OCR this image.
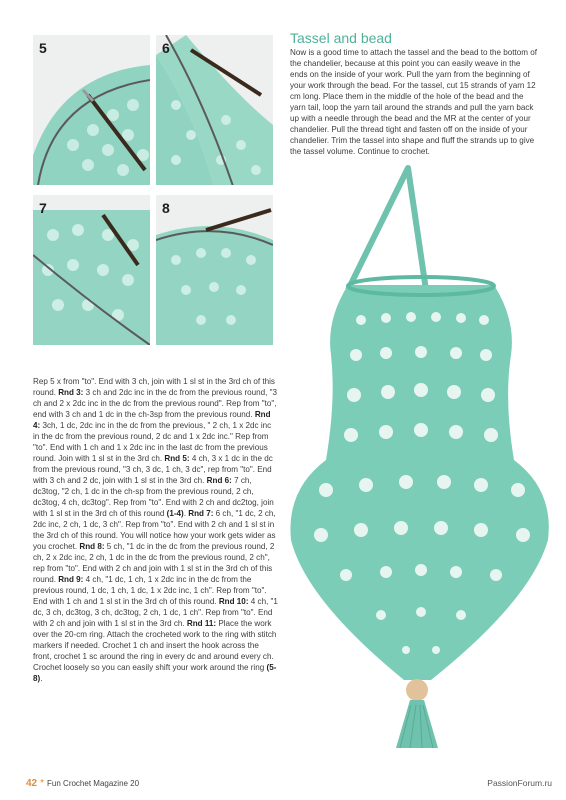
5	6
7	8
Tassel and bead
Now is a good time to attach the tassel and the bead to the bottom of the chandelier, because at this point you can easily weave in the ends on the inside of your work. Pull the yarn from the beginning of your work through the bead. For the tassel, cut 15 strands of yarn 12 cm long. Place them in the middle of the hole of the bead and the yarn tail, loop the yarn tail around the strands and pull the yarn back up with a needle through the bead and the MR at the center of your chandelier. Pull the thread tight and fasten off on the inside of your chandelier. Trim the tassel into shape and fluff the strands up to give the tassel volume. Continue to crochet.
Rep 5 x from "to". End with 3 ch, join with 1 sl st in the 3rd ch of this round. Rnd 3: 3 ch and 2dc inc in the dc from the previous round, "3 ch and 2 x 2dc inc in the dc from the previous round". Rep from "to", end with 3 ch and 1 dc in the ch-3sp from the previous round. Rnd 4: 3ch, 1 dc, 2dc inc in the dc from the previous, " 2 ch, 1 x 2dc inc in the dc from the previous round, 2 dc and 1 x 2dc inc." Rep from "to". End with 1 ch and 1 x 2dc inc in the last dc from the previous round. Join with 1 sl st in the 3rd ch. Rnd 5: 4 ch, 3 x 1 dc in the dc from the previous round, "3 ch, 3 dc, 1 ch, 3 dc", rep from "to". End with 3 ch and 2 dc, join with 1 sl st in the 3rd ch. Rnd 6: 7 ch, dc3tog, "2 ch, 1 dc in the ch-sp from the previous round, 2 ch, dc3tog, 4 ch, dc3tog". Rep from "to". End with 2 ch and dc2tog, join with 1 sl st in the 3rd ch of this round (1-4). Rnd 7: 6 ch, "1 dc, 2 ch, 2dc inc, 2 ch, 1 dc, 3 ch". Rep from "to". End with 2 ch and 1 sl st in the 3rd ch of this round. You will notice how your work gets wider as you crochet. Rnd 8: 5 ch, "1 dc in the dc from the previous round, 2 ch, 2 x 2dc inc, 2 ch, 1 dc in the dc from the previous round, 2 ch", rep from "to". End with 2 ch and join with 1 sl st in the 3rd ch of this round. Rnd 9: 4 ch, "1 dc, 1 ch, 1 x 2dc inc in the dc from the previous round, 1 dc, 1 ch, 1 dc, 1 x 2dc inc, 1 ch". Rep from "to". End with 1 ch and 1 sl st in the 3rd ch of this round. Rnd 10: 4 ch, "1 dc, 3 ch, dc3tog, 3 ch, dc3tog, 2 ch, 1 dc, 1 ch". Rep from "to". End with 2 ch and join with 1 sl st in the 3rd ch. Rnd 11: Place the work over the 20-cm ring. Attach the crocheted work to the ring with stitch markers if needed. Crochet 1 ch and insert the hook across the front, crochet 1 sc around the ring in every dc and around every ch. Crochet loosely so you can easily shift your work around the ring (5-8).
42 * Fun Crochet Magazine 20	PassionForum.ru
